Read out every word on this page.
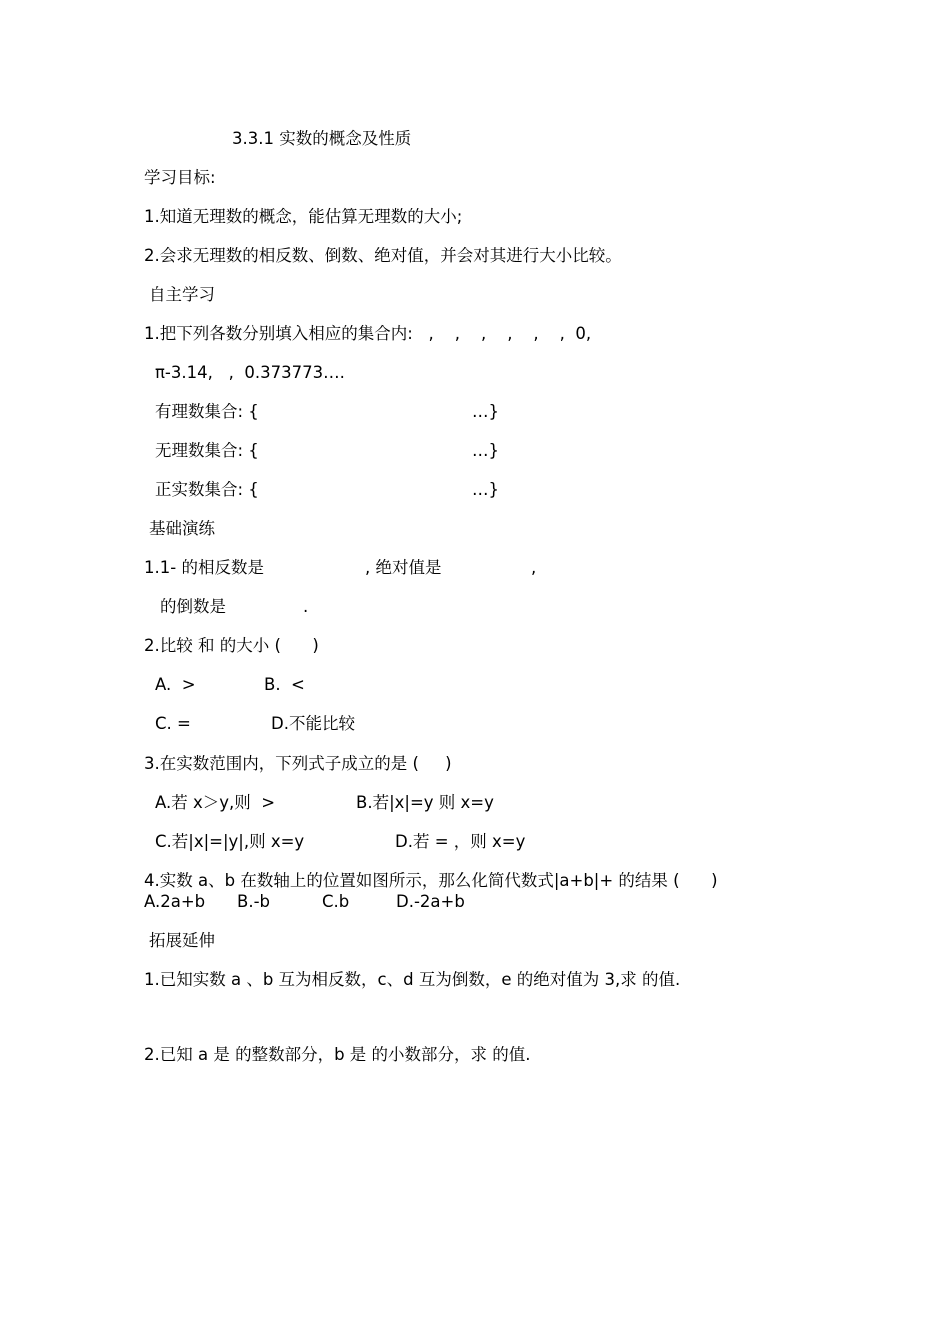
3.3.1 实数的概念及性质
学习目标:
1.知道无理数的概念，能估算无理数的大小;
2.会求无理数的相反数、倒数、绝对值，并会对其进行大小比较。
自主学习
1.把下列各数分别填入相应的集合内:   ,    ,    ,    ,    ,    ,  0,
π-3.14,   ,  0.373773….
有理数集合: {	…}
无理数集合: {	…}
正实数集合: {	…}
基础演练
1.1- 的相反数是	, 绝对值是	,
的倒数是	.
2.比较 和 的大小 (      )
A.  >	B.  <
C. =	D.不能比较
3.在实数范围内，下列式子成立的是 (     )
A.若 x＞y,则  >	B.若|x|=y 则 x=y
C.若|x|=|y|,则 x=y	D.若 = ，则 x=y
4.实数 a、b 在数轴上的位置如图所示，那么化简代数式|a+b|+ 的结果 (      )
A.2a+b B.-b	C.b	D.-2a+b
拓展延伸
1.已知实数 a 、b 互为相反数，c、d 互为倒数，e 的绝对值为 3,求 的值.
2.已知 a 是 的整数部分，b 是 的小数部分，求 的值.
